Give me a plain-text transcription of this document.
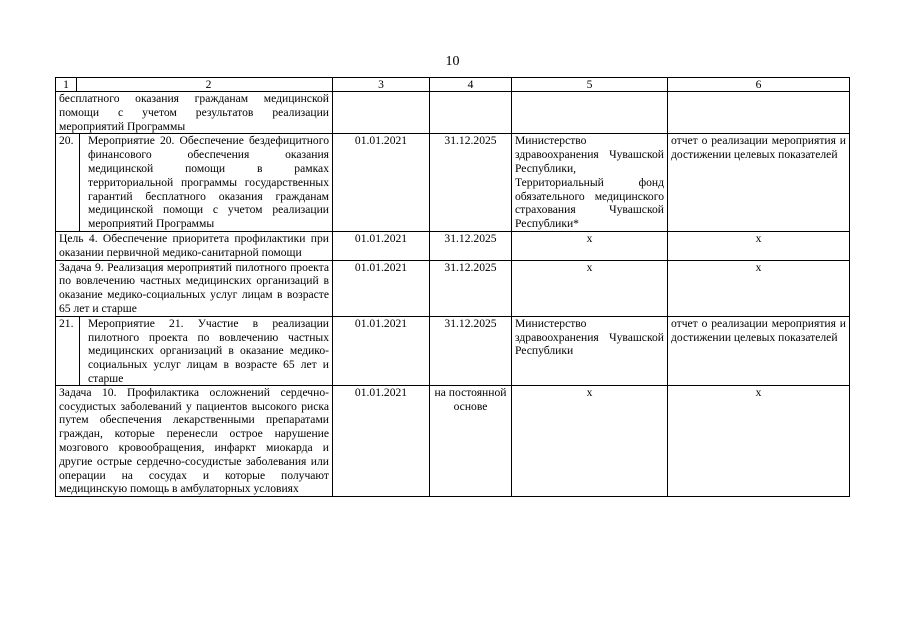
10
1 2	3	4	5	6
бесплатного оказания гражданам медицинской помощи с учетом результатов реализации мероприятий Программы				

20. Мероприятие 20. Обеспечение бездефицитного финансового обеспечения оказания медицинской помощи в рамках территориальной программы государственных гарантий бесплатного оказания гражданам медицинской помощи с учетом реализации мероприятий Программы	01.01.2021	31.12.2025	Министерство здравоохранения Чувашской Республики, Территориальный фонд обязательного медицинского страхования Чувашской Республики*	отчет о реализации мероприятия и достижении целевых показателей
Цель 4. Обеспечение приоритета профилактики при оказании первичной медико-санитарной помощи	01.01.2021	31.12.2025	х	х
Задача 9. Реализация мероприятий пилотного проекта по вовлечению частных медицинских организаций в оказание медико-социальных услуг лицам в возрасте 65 лет и старше	01.01.2021	31.12.2025	х	х

21. Мероприятие 21. Участие в реализации пилотного проекта по вовлечению частных медицинских организаций в оказание медико-социальных услуг лицам в возрасте 65 лет и старше	01.01.2021	31.12.2025	Министерство здравоохранения Чувашской Республики	отчет о реализации мероприятия и достижении целевых показателей
Задача 10. Профилактика осложнений сердечно-сосудистых заболеваний у пациентов высокого риска путем обеспечения лекарственными препаратами граждан, которые перенесли острое нарушение мозгового кровообращения, инфаркт миокарда и другие острые сердечно-сосудистые заболевания или операции на сосудах и которые получают медицинскую помощь в амбулаторных условиях	01.01.2021	на постоянной основе	х	х
